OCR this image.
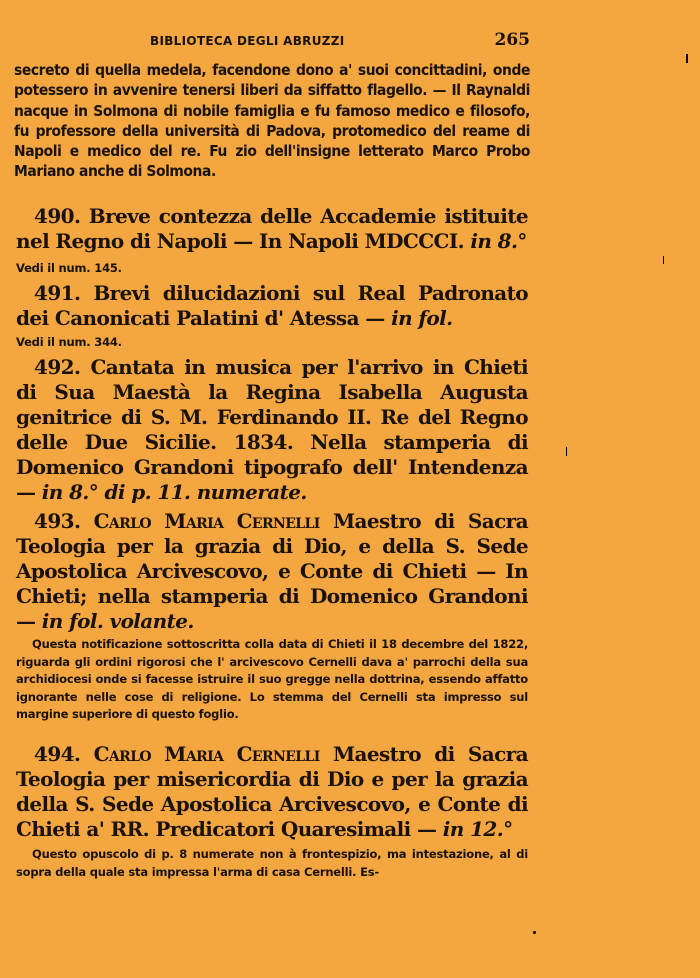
BIBLIOTECA DEGLI ABRUZZI	265
secreto di quella medela, facendone dono a' suoi concittadini, onde potessero in avvenire tenersi liberi da siffatto flagello. — Il Raynaldi nacque in Solmona di nobile famiglia e fu famoso medico e filosofo, fu professore della università di Padova, protomedico del reame di Napoli e medico del re. Fu zio dell'insigne letterato Marco Probo Mariano anche di Solmona.
490. Breve contezza delle Accademie istituite nel Regno di Napoli — In Napoli MDCCCI. in 8.°
Vedi il num. 145.
491. Brevi dilucidazioni sul Real Padronato dei Canonicati Palatini d' Atessa — in fol.
Vedi il num. 344.
492. Cantata in musica per l'arrivo in Chieti di Sua Maestà la Regina Isabella Augusta genitrice di S. M. Ferdinando II. Re del Regno delle Due Sicilie. 1834. Nella stamperia di Domenico Grandoni tipografo dell' Intendenza — in 8.° di p. 11. numerate.
493. Carlo Maria Cernelli Maestro di Sacra Teologia per la grazia di Dio, e della S. Sede Apostolica Arcivescovo, e Conte di Chieti — In Chieti; nella stamperia di Domenico Grandoni — in fol. volante.
Questa notificazione sottoscritta colla data di Chieti il 18 decembre del 1822, riguarda gli ordini rigorosi che l' arcivescovo Cernelli dava a' parrochi della sua archidiocesi onde si facesse istruire il suo gregge nella dottrina, essendo affatto ignorante nelle cose di religione. Lo stemma del Cernelli sta impresso sul margine superiore di questo foglio.
494. Carlo Maria Cernelli Maestro di Sacra Teologia per misericordia di Dio e per la grazia della S. Sede Apostolica Arcivescovo, e Conte di Chieti a' RR. Predicatori Quaresimali — in 12.°
Questo opuscolo di p. 8 numerate non à frontespizio, ma intestazione, al di sopra della quale sta impressa l'arma di casa Cernelli. Es-
